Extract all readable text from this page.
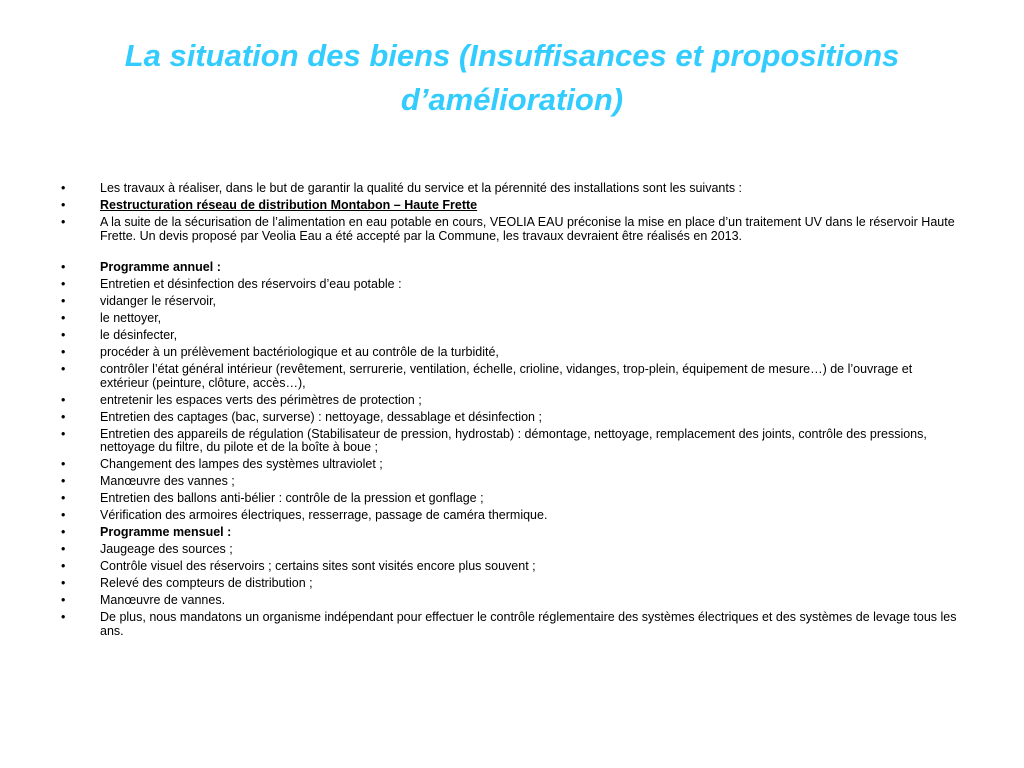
La situation des biens (Insuffisances et propositions d’amélioration)
•	Les travaux à réaliser, dans le but de garantir la qualité du service et la pérennité des installations sont les suivants :
•	Restructuration réseau de distribution Montabon – Haute Frette
•	A la suite de la sécurisation de l’alimentation en eau potable en cours, VEOLIA EAU préconise la mise en place d’un traitement UV dans le réservoir Haute Frette. Un devis proposé par Veolia Eau a été accepté par la Commune, les travaux devraient être réalisés en 2013.
•	Programme annuel :
•	Entretien et désinfection des réservoirs d’eau potable :
•	vidanger le réservoir,
•	le nettoyer,
•	le désinfecter,
•	procéder à un prélèvement bactériologique et au contrôle de la turbidité,
•	contrôler l’état général intérieur (revêtement, serrurerie, ventilation, échelle, crioline, vidanges, trop-plein, équipement de mesure…) de l’ouvrage et extérieur (peinture, clôture, accès…),
•	entretenir les espaces verts des périmètres de protection ;
•	Entretien des captages (bac, surverse) : nettoyage, dessablage et désinfection ;
•	Entretien des appareils de régulation (Stabilisateur de pression, hydrostab) : démontage, nettoyage, remplacement des joints, contrôle des pressions, nettoyage du filtre, du pilote et de la boîte à boue ;
•	Changement des lampes des systèmes ultraviolet ;
•	Manœuvre des vannes ;
•	Entretien des ballons anti-bélier : contrôle de la pression et gonflage ;
•	Vérification des armoires électriques, resserrage, passage de caméra thermique.
•	Programme mensuel :
•	Jaugeage des sources ;
•	Contrôle visuel des réservoirs ; certains sites sont visités encore plus souvent ;
•	Relevé des compteurs de distribution ;
•	Manœuvre de vannes.
•	De plus, nous mandatons un organisme indépendant pour effectuer le contrôle réglementaire des systèmes électriques et des systèmes de levage tous les ans.
